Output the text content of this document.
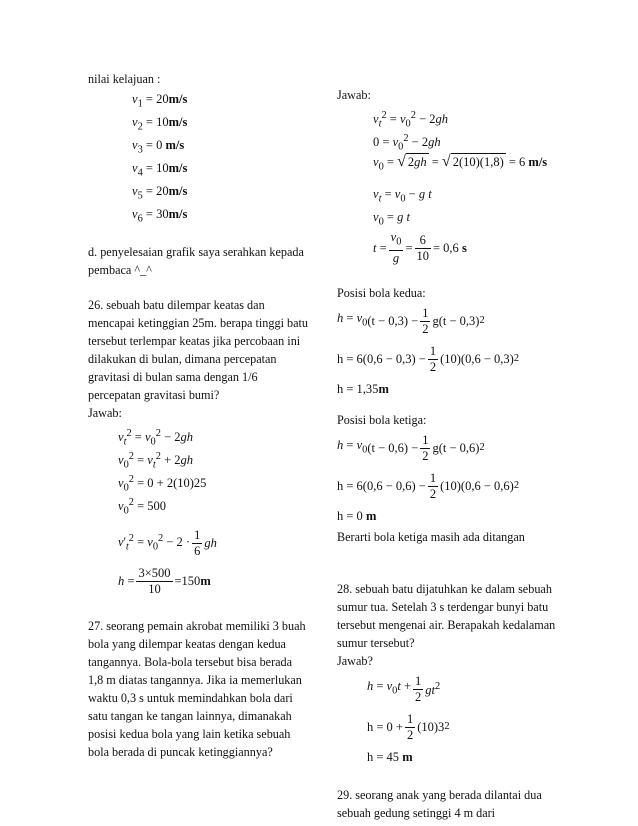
nilai kelajuan :

$v_1 = 20m/s$
$v_2 = 10m/s$
$v_3 = 0$ m/s
$v_4 = 10m/s$
$v_5 = 20m/s$
$v_6 = 30m/s$

d. penyelesaian grafik saya serahkan kepada pembaca ^_^

26. sebuah batu dilempar keatas dan mencapai ketinggian 25m. berapa tinggi batu tersebut terlempar keatas jika percobaan ini dilakukan di bulan, dimana percepatan gravitasi di bulan sama dengan 1/6 percepatan gravitasi bumi?

Jawab:

$v_t^2 = v_0^2 - 2gh$
$v_0^2 = v_t^2 + 2gh$
$v_0^2 = 0 + 2(10)25$
$v_0^2 = 500$
$v'_t^2 = v_0^2 - 2 \cdot \frac{1}{6}$ gh
$h = \frac{3\times 500}{10} =150$ m

27. seorang pemain akrobat memiliki 3 buah bola yang dilempar keatas dengan kedua tangannya. Bola-bola tersebut bisa berada 1,8 m diatas tangannya. Jika ia memerlukan waktu 0,3 s untuk memindahkan bola dari satu tangan ke tangan lainnya, dimanakah posisi kedua bola yang lain ketika sebuah bola berada di puncak ketinggiannya?

Jawab:

$v_t^2 = v_0^2 - 2gh$
$0 = v_0^2 - 2gh$
$v_0$ = √ 2gh = √ 2(10)(1,8) = 6 m/s
$v_t = v_0 - g$ t
$v_0 = g$ t
$t = \frac{v_0}{g} = \frac{6}{10} = 0,6$
s

Posisi bola kedua:

$h = v_0$ $(t - 0,3) - \frac{1}{2} g(t - 0,3)$ 2
$h = 6(0,6 - 0,3) - \frac{1}{2} (10)(0,6 - 0,3)$ 2
h = 1,35m

Posisi bola ketiga:

$h = v_0$ $(t - 0,6) - \frac{1}{2} g(t - 0,6)$ 2
$h = 6(0,6 - 0,6) - \frac{1}{2} (10)(0,6 - 0,6)$ 2
h = 0 m

Berarti bola ketiga masih ada ditangan

28. sebuah batu dijatuhkan ke dalam sebuah sumur tua. Setelah 3 s terdengar bunyi batu tersebut mengenai air. Berapakah kedalaman sumur tersebut?

Jawab?

$h = v_0t + \frac{1}{2} gt^2$
$h = 0 + \frac{1}{2} (10)3$ 2
h = 45 m

29. seorang anak yang berada dilantai dua sebuah gedung setinggi 4 m dari
